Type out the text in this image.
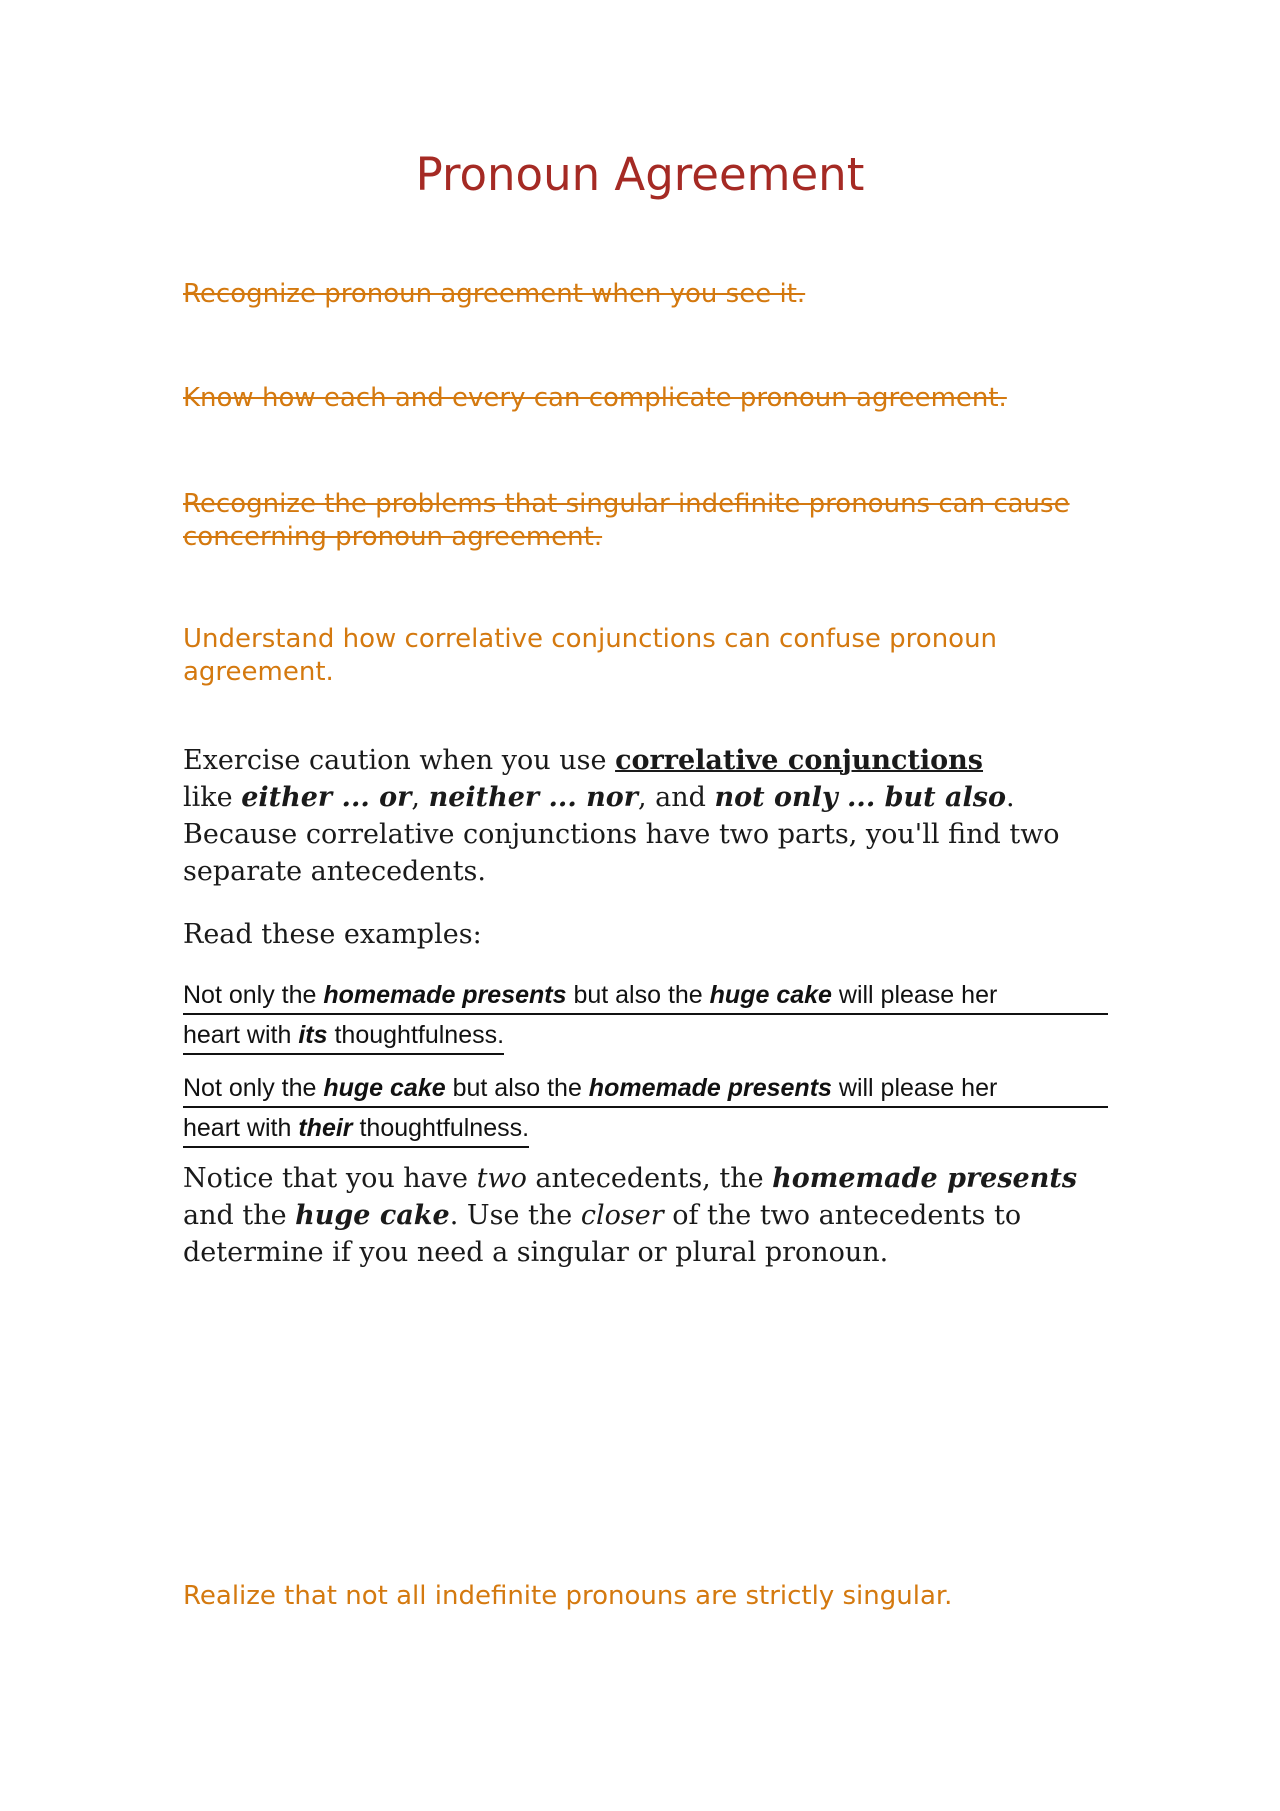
Pronoun Agreement
Recognize pronoun agreement when you see it.
Know how each and every can complicate pronoun agreement.
Recognize the problems that singular indefinite pronouns can cause concerning pronoun agreement.
Understand how correlative conjunctions can confuse pronoun agreement.

Exercise caution when you use correlative conjunctions

like either ... or, neither ... nor, and not only ... but also.

Because correlative conjunctions have two parts, you'll find two separate antecedents.

Read these examples:
Not only the homemade presents but also the huge cake will please her
heart with its thoughtfulness.
Not only the huge cake but also the homemade presents will please her
heart with their thoughtfulness.

Notice that you have two antecedents, the homemade presents and the huge cake. Use the closer of the two antecedents to determine if you need a singular or plural pronoun.

Realize that not all indefinite pronouns are strictly singular.
